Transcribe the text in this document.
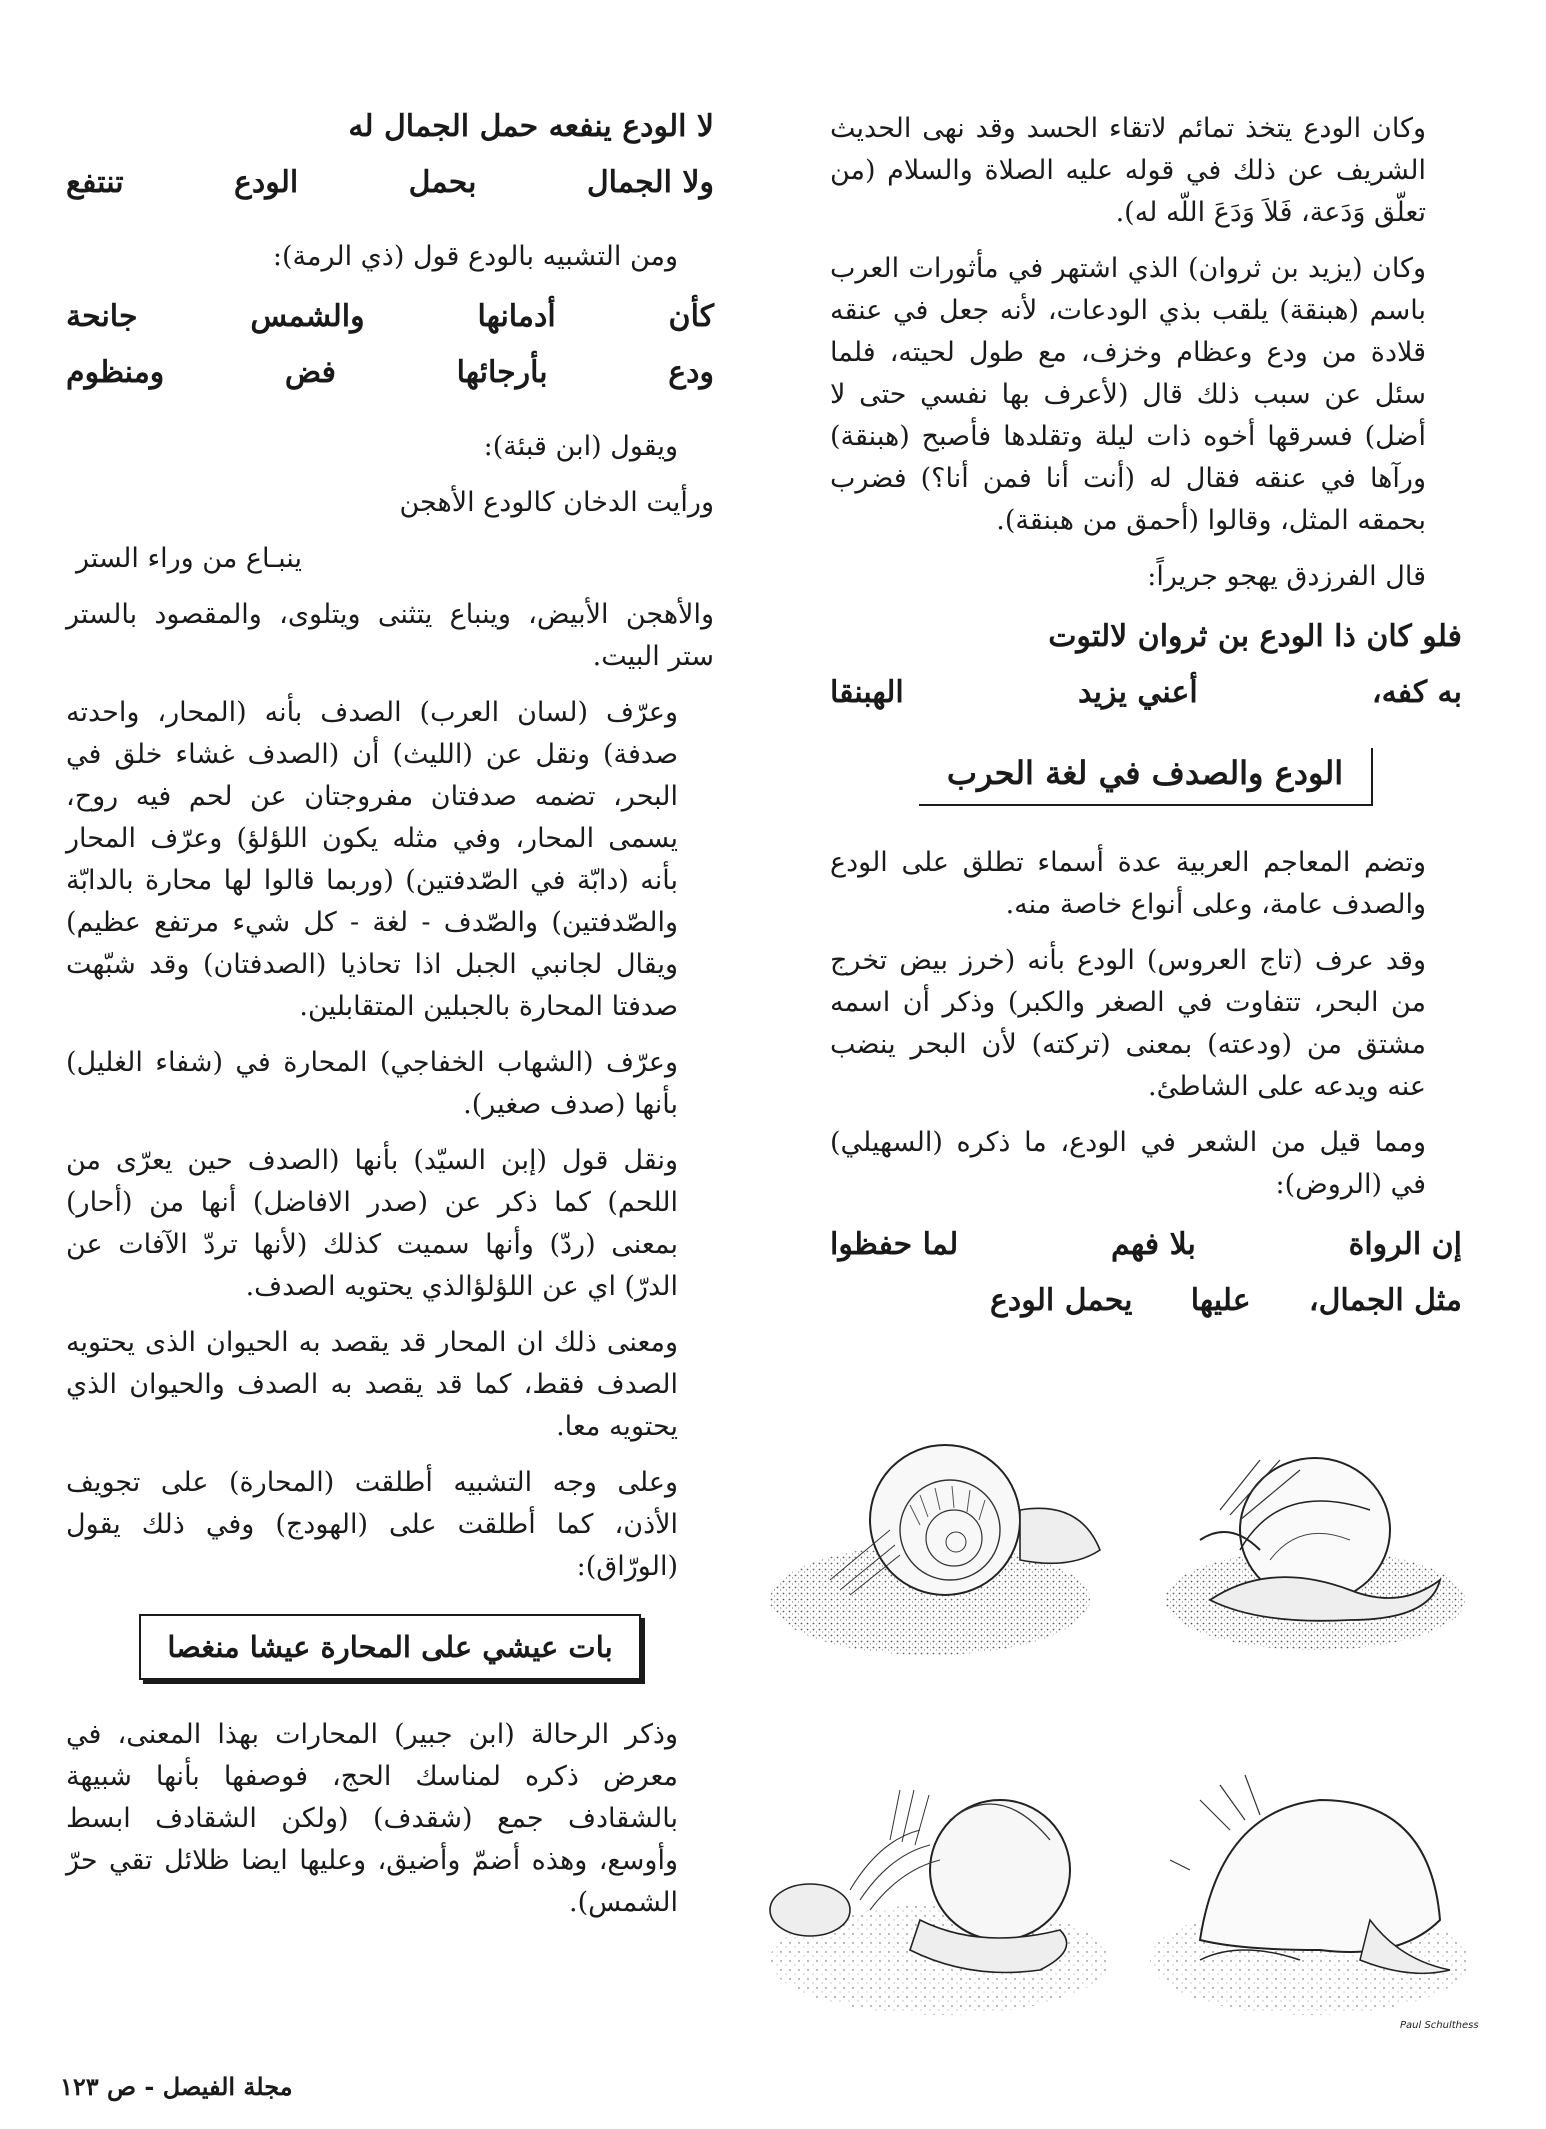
وكان الودع يتخذ تمائم لاتقاء الحسد وقد نهى الحديث الشريف عن ذلك في قوله عليه الصلاة والسلام (من تعلّق وَدَعة، فَلاَ وَدَعَ اللّه له).

وكان (يزيد بن ثروان) الذي اشتهر في مأثورات العرب باسم (هبنقة) يلقب بذي الودعات، لأنه جعل في عنقه قلادة من ودع وعظام وخزف، مع طول لحيته، فلما سئل عن سبب ذلك قال (لأعرف بها نفسي حتى لا أضل) فسرقها أخوه ذات ليلة وتقلدها فأصبح (هبنقة) ورآها في عنقه فقال له (أنت أنا فمن أنا؟) فضرب بحمقه المثل، وقالوا (أحمق من هبنقة).

قال الفرزدق يهجو جريراً:

فلو كان ذا الودع بن ثروان لالتوت
به كفه،
أعني يزيد
الهبنقا
الودع والصدف في لغة الحرب

وتضم المعاجم العربية عدة أسماء تطلق على الودع والصدف عامة، وعلى أنواع خاصة منه.

وقد عرف (تاج العروس) الودع بأنه (خرز بيض تخرج من البحر، تتفاوت في الصغر والكبر) وذكر أن اسمه مشتق من (ودعته) بمعنى (تركته) لأن البحر ينضب عنه ويدعه على الشاطئ.

ومما قيل من الشعر في الودع، ما ذكره (السهيلي) في (الروض):

إن الرواة
بلا فهم
لما حفظوا
مثل الجمال،
عليها
يحمل الودع
لا الودع ينفعه حمل الجمال له
ولا الجمال
بحمل
الودع
تنتفع

ومن التشبيه بالودع قول (ذي الرمة):

كأن
أدمانها
والشمس
جانحة
ودع
بأرجائها
فض
ومنظوم

ويقول (ابن قبئة):

ورأيت الدخان كالودع الأهجن

ينبـاع من وراء الستر

والأهجن الأبيض، وينباع يتثنى ويتلوى، والمقصود بالستر ستر البيت.

وعرّف (لسان العرب) الصدف بأنه (المحار، واحدته صدفة) ونقل عن (الليث) أن (الصدف غشاء خلق في البحر، تضمه صدفتان مفروجتان عن لحم فيه روح، يسمى المحار، وفي مثله يكون اللؤلؤ) وعرّف المحار بأنه (دابّة في الصّدفتين) (وربما قالوا لها محارة بالدابّة والصّدفتين) والصّدف - لغة - كل شيء مرتفع عظيم) ويقال لجانبي الجبل اذا تحاذيا (الصدفتان) وقد شبّهت صدفتا المحارة بالجبلين المتقابلين.

وعرّف (الشهاب الخفاجي) المحارة في (شفاء الغليل) بأنها (صدف صغير).

ونقل قول (إبن السيّد) بأنها (الصدف حين يعرّى من اللحم) كما ذكر عن (صدر الافاضل) أنها من (أحار) بمعنى (ردّ) وأنها سميت كذلك (لأنها تردّ الآفات عن الدرّ) اي عن اللؤلؤالذي يحتويه الصدف.

ومعنى ذلك ان المحار قد يقصد به الحيوان الذى يحتويه الصدف فقط، كما قد يقصد به الصدف والحيوان الذي يحتويه معا.

وعلى وجه التشبيه أطلقت (المحارة) على تجويف الأذن، كما أطلقت على (الهودج) وفي ذلك يقول (الورّاق):

بات عيشي على المحارة عيشا منغصا

وذكر الرحالة (ابن جبير) المحارات بهذا المعنى، في معرض ذكره لمناسك الحج، فوصفها بأنها شبيهة بالشقادف جمع (شقدف) (ولكن الشقادف ابسط وأوسع، وهذه أضمّ وأضيق، وعليها ايضا ظلائل تقي حرّ الشمس).

Paul Schulthess
مجلة الفيصل - ص ١٢٣
